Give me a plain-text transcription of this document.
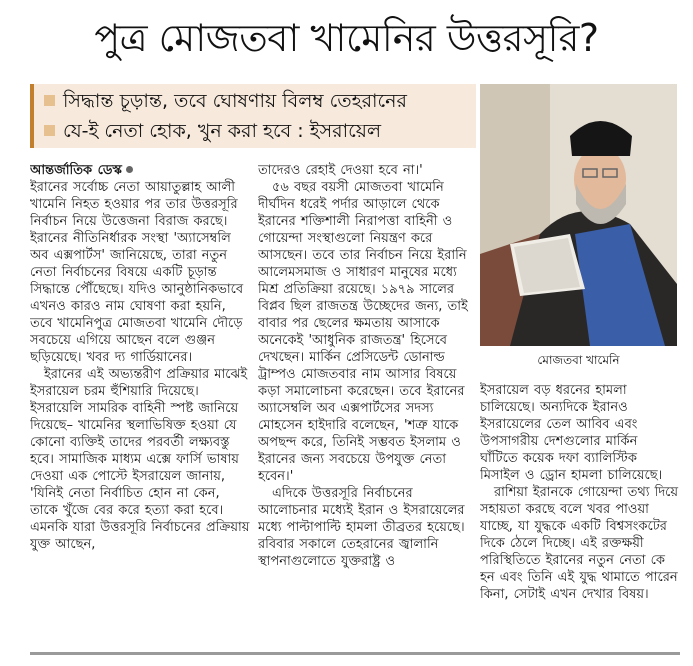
পুত্র মোজতবা খামেনির উত্তরসূরি?
সিদ্ধান্ত চূড়ান্ত, তবে ঘোষণায় বিলম্ব তেহরানের
যে-ই নেতা হোক, খুন করা হবে : ইসরায়েল
মোজতবা খামেনি

আন্তর্জাতিক ডেস্ক

ইরানের সর্বোচ্চ নেতা আয়াতুল্লাহ আলী খামেনি নিহত হওয়ার পর তার উত্তরসূরি নির্বাচন নিয়ে উত্তেজনা বিরাজ করছে। ইরানের নীতিনির্ধারক সংস্থা 'অ্যাসেম্বলি অব এক্সপার্টস' জানিয়েছে, তারা নতুন নেতা নির্বাচনের বিষয়ে একটি চূড়ান্ত সিদ্ধান্তে পৌঁছেছে। যদিও আনুষ্ঠানিকভাবে এখনও কারও নাম ঘোষণা করা হয়নি, তবে খামেনিপুত্র মোজতবা খামেনি দৌড়ে সবচেয়ে এগিয়ে আছেন বলে গুঞ্জন ছড়িয়েছে। খবর দ্য গার্ডিয়ানের।

ইরানের এই অভ্যন্তরীণ প্রক্রিয়ার মাঝেই ইসরায়েল চরম হুঁশিয়ারি দিয়েছে। ইসরায়েলি সামরিক বাহিনী স্পষ্ট জানিয়ে দিয়েছে– খামেনির স্থলাভিষিক্ত হওয়া যে কোনো ব্যক্তিই তাদের পরবর্তী লক্ষ্যবস্তু হবে। সামাজিক মাধ্যম এক্সে ফার্সি ভাষায় দেওয়া এক পোস্টে ইসরায়েল জানায়, 'যিনিই নেতা নির্বাচিত হোন না কেন, তাকে খুঁজে বের করে হত্যা করা হবে। এমনকি যারা উত্তরসূরি নির্বাচনের প্রক্রিয়ায় যুক্ত আছেন,

তাদেরও রেহাই দেওয়া হবে না।'

৫৬ বছর বয়সী মোজতবা খামেনি দীর্ঘদিন ধরেই পর্দার আড়ালে থেকে ইরানের শক্তিশালী নিরাপত্তা বাহিনী ও গোয়েন্দা সংস্থাগুলো নিয়ন্ত্রণ করে আসছেন। তবে তার নির্বাচন নিয়ে ইরানি আলেমসমাজ ও সাধারণ মানুষের মধ্যে মিশ্র প্রতিক্রিয়া রয়েছে। ১৯৭৯ সালের বিপ্লব ছিল রাজতন্ত্র উচ্ছেদের জন্য, তাই বাবার পর ছেলের ক্ষমতায় আসাকে অনেকেই 'আধুনিক রাজতন্ত্র' হিসেবে দেখছেন। মার্কিন প্রেসিডেন্ট ডোনাল্ড ট্রাম্পও মোজতবার নাম আসার বিষয়ে কড়া সমালোচনা করেছেন। তবে ইরানের অ্যাসেম্বলি অব এক্সপার্টসের সদস্য মোহসেন হাইদারি বলেছেন, 'শত্রু যাকে অপছন্দ করে, তিনিই সম্ভবত ইসলাম ও ইরানের জন্য সবচেয়ে উপযুক্ত নেতা হবেন।'

এদিকে উত্তরসূরি নির্বাচনের আলোচনার মধ্যেই ইরান ও ইসরায়েলের মধ্যে পাল্টাপাল্টি হামলা তীব্রতর হয়েছে। রবিবার সকালে তেহরানের জ্বালানি স্থাপনাগুলোতে যুক্তরাষ্ট্র ও

ইসরায়েল বড় ধরনের হামলা চালিয়েছে। অন্যদিকে ইরানও ইসরায়েলের তেল আবিব এবং উপসাগরীয় দেশগুলোর মার্কিন ঘাঁটিতে কয়েক দফা ব্যালিস্টিক মিসাইল ও ড্রোন হামলা চালিয়েছে।

রাশিয়া ইরানকে গোয়েন্দা তথ্য দিয়ে সহায়তা করছে বলে খবর পাওয়া যাচ্ছে, যা যুদ্ধকে একটি বিশ্বসংকটের দিকে ঠেলে দিচ্ছে। এই রক্তক্ষয়ী পরিস্থিতিতে ইরানের নতুন নেতা কে হন এবং তিনি এই যুদ্ধ থামাতে পারেন কিনা, সেটাই এখন দেখার বিষয়।
